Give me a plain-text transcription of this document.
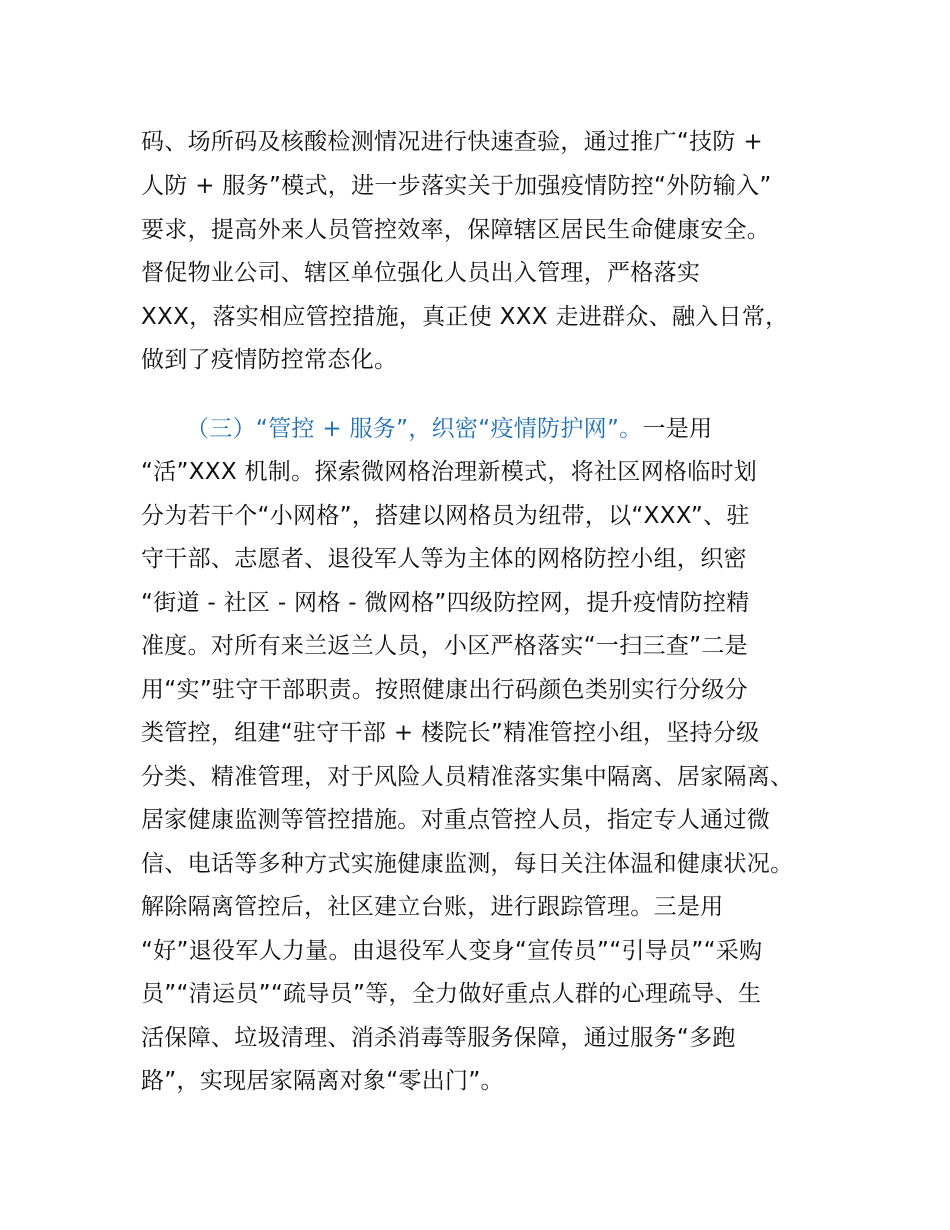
码、场所码及核酸检测情况进行快速查验，通过推广“技防 +
人防 + 服务”模式，进一步落实关于加强疫情防控“外防输入”
要求，提高外来人员管控效率，保障辖区居民生命健康安全。
督促物业公司、辖区单位强化人员出入管理，严格落实
XXX，落实相应管控措施，真正使 XXX 走进群众、融入日常，
做到了疫情防控常态化。
（三）“管控 + 服务”，织密“疫情防护网”。一是用
“活”XXX 机制。探索微网格治理新模式，将社区网格临时划
分为若干个“小网格”，搭建以网格员为纽带，以“XXX”、驻
守干部、志愿者、退役军人等为主体的网格防控小组，织密
“街道 - 社区 - 网格 - 微网格”四级防控网，提升疫情防控精
准度。对所有来兰返兰人员，小区严格落实“一扫三查”二是
用“实”驻守干部职责。按照健康出行码颜色类别实行分级分
类管控，组建“驻守干部 + 楼院长”精准管控小组，坚持分级
分类、精准管理，对于风险人员精准落实集中隔离、居家隔离、
居家健康监测等管控措施。对重点管控人员，指定专人通过微
信、电话等多种方式实施健康监测，每日关注体温和健康状况。
解除隔离管控后，社区建立台账，进行跟踪管理。三是用
“好”退役军人力量。由退役军人变身“宣传员”“引导员”“采购
员”“清运员”“疏导员”等，全力做好重点人群的心理疏导、生
活保障、垃圾清理、消杀消毒等服务保障，通过服务“多跑
路”，实现居家隔离对象“零出门”。
